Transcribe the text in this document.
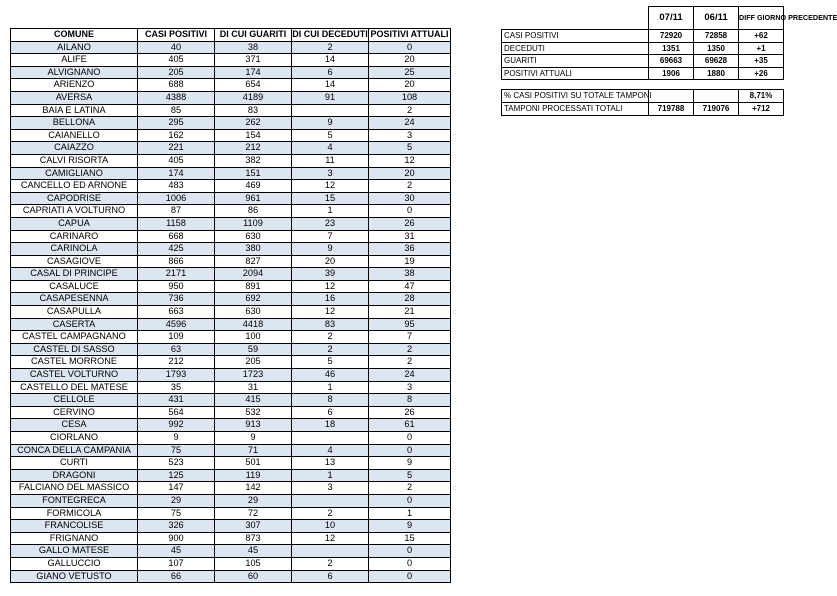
COMUNE	CASI POSITIVI	DI CUI GUARITI	DI CUI DECEDUTI	POSITIVI ATTUALI
AILANO	40	38	2	0
ALIFE	405	371	14	20
ALVIGNANO	205	174	6	25
ARIENZO	688	654	14	20
AVERSA	4388	4189	91	108
BAIA E LATINA	85	83		2
BELLONA	295	262	9	24
CAIANELLO	162	154	5	3
CAIAZZO	221	212	4	5
CALVI RISORTA	405	382	11	12
CAMIGLIANO	174	151	3	20
CANCELLO ED ARNONE	483	469	12	2
CAPODRISE	1006	961	15	30
CAPRIATI A VOLTURNO	87	86	1	0
CAPUA	1158	1109	23	26
CARINARO	668	630	7	31
CARINOLA	425	380	9	36
CASAGIOVE	866	827	20	19
CASAL DI PRINCIPE	2171	2094	39	38
CASALUCE	950	891	12	47
CASAPESENNA	736	692	16	28
CASAPULLA	663	630	12	21
CASERTA	4596	4418	83	95
CASTEL CAMPAGNANO	109	100	2	7
CASTEL DI SASSO	63	59	2	2
CASTEL MORRONE	212	205	5	2
CASTEL VOLTURNO	1793	1723	46	24
CASTELLO DEL MATESE	35	31	1	3
CELLOLE	431	415	8	8
CERVINO	564	532	6	26
CESA	992	913	18	61
CIORLANO	9	9		0
CONCA DELLA CAMPANIA	75	71	4	0
CURTI	523	501	13	9
DRAGONI	125	119	1	5
FALCIANO DEL MASSICO	147	142	3	2
FONTEGRECA	29	29		0
FORMICOLA	75	72	2	1
FRANCOLISE	326	307	10	9
FRIGNANO	900	873	12	15
GALLO MATESE	45	45		0
GALLUCCIO	107	105	2	0
GIANO VETUSTO	66	60	6	0
	07/11	06/11	DIFF GIORNO PRECEDENTE
CASI POSITIVI	72920	72858	+62
DECEDUTI	1351	1350	+1
GUARITI	69663	69628	+35
POSITIVI ATTUALI	1906	1880	+26

% CASI POSITIVI SU TOTALE TAMPONI			8,71%
TAMPONI PROCESSATI TOTALI	719788	719076	+712
